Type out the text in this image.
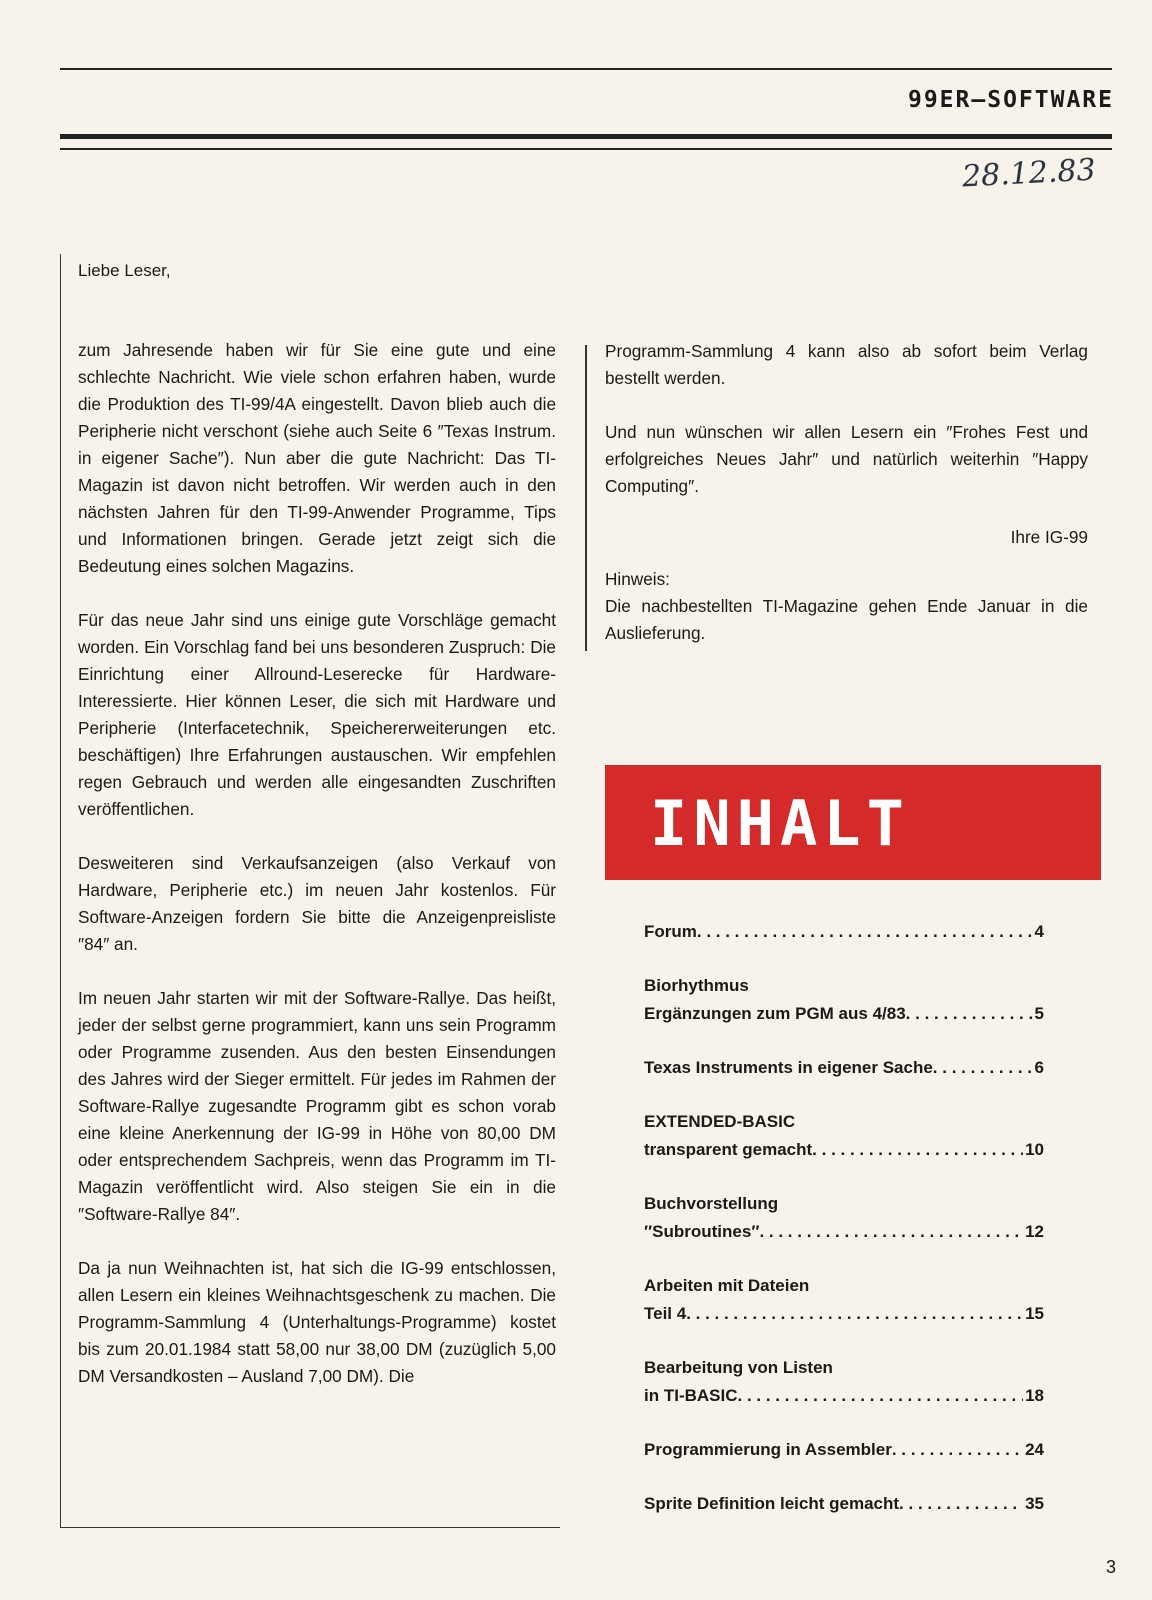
99ER–SOFTWARE
28.12.83

Liebe Leser,

zum Jahresende haben wir für Sie eine gute und eine schlechte Nachricht. Wie viele schon erfahren haben, wurde die Produktion des TI-99/4A eingestellt. Davon blieb auch die Peripherie nicht verschont (siehe auch Seite 6 ″Texas Instrum. in eigener Sache″). Nun aber die gute Nachricht: Das TI-Magazin ist davon nicht betroffen. Wir werden auch in den nächsten Jahren für den TI-99-Anwender Programme, Tips und Informationen bringen. Gerade jetzt zeigt sich die Bedeutung eines solchen Magazins.

Für das neue Jahr sind uns einige gute Vorschläge gemacht worden. Ein Vorschlag fand bei uns besonderen Zuspruch: Die Einrichtung einer Allround-Leserecke für Hardware-Interessierte. Hier können Leser, die sich mit Hardware und Peripherie (Interfacetechnik, Speichererweiterungen etc. beschäftigen) Ihre Erfahrungen austauschen. Wir empfehlen regen Gebrauch und werden alle eingesandten Zuschriften veröffentlichen.

Desweiteren sind Verkaufsanzeigen (also Verkauf von Hardware, Peripherie etc.) im neuen Jahr kostenlos. Für Software-Anzeigen fordern Sie bitte die Anzeigenpreisliste ″84″ an.

Im neuen Jahr starten wir mit der Software-Rallye. Das heißt, jeder der selbst gerne programmiert, kann uns sein Programm oder Programme zusenden. Aus den besten Einsendungen des Jahres wird der Sieger ermittelt. Für jedes im Rahmen der Software-Rallye zugesandte Programm gibt es schon vorab eine kleine Anerkennung der IG-99 in Höhe von 80,00 DM oder entsprechendem Sachpreis, wenn das Programm im TI-Magazin veröffentlicht wird. Also steigen Sie ein in die ″Software-Rallye 84″.

Da ja nun Weihnachten ist, hat sich die IG-99 entschlossen, allen Lesern ein kleines Weihnachtsgeschenk zu machen. Die Programm-Sammlung 4 (Unterhaltungs-Programme) kostet bis zum 20.01.1984 statt 58,00 nur 38,00 DM (zuzüglich 5,00 DM Versandkosten – Ausland 7,00 DM). Die

Programm-Sammlung 4 kann also ab sofort beim Verlag bestellt werden.

Und nun wünschen wir allen Lesern ein ″Frohes Fest und erfolgreiches Neues Jahr″ und natürlich weiterhin ″Happy Computing″.

Ihre IG-99

Hinweis:

Die nachbestellten TI-Magazine gehen Ende Januar in die Auslieferung.

INHALT
Forum . . .	4
Biorhythmus
Ergänzungen zum PGM aus 4/83 . . .	5
Texas Instruments in eigener Sache . . .	6
EXTENDED-BASIC
transparent gemacht . . .	10
Buchvorstellung
″Subroutines″ . . .	12
Arbeiten mit Dateien
Teil 4 . . .	15
Bearbeitung von Listen
in TI-BASIC . . .	18
Programmierung in Assembler . . .	24
Sprite Definition leicht gemacht . . .	35
3
